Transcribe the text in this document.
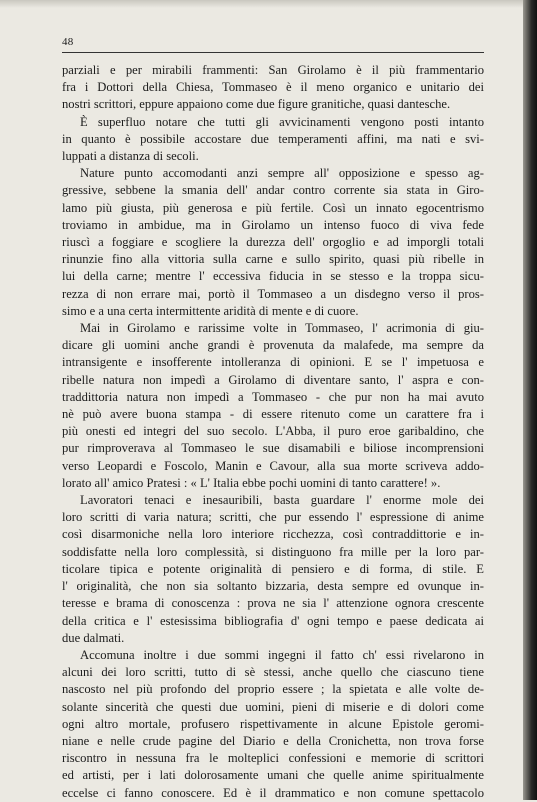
48
parziali e per mirabili frammenti: San Girolamo è il più frammentario
fra i Dottori della Chiesa, Tommaseo è il meno organico e unitario dei
nostri scrittori, eppure appaiono come due figure granitiche, quasi dantesche.
È superfluo notare che tutti gli avvicinamenti vengono posti intanto
in quanto è possibile accostare due temperamenti affini, ma nati e svi-
luppati a distanza di secoli.
Nature punto accomodanti anzi sempre all' opposizione e spesso ag-
gressive, sebbene la smania dell' andar contro corrente sia stata in Giro-
lamo più giusta, più generosa e più fertile. Così un innato egocentrismo
troviamo in ambidue, ma in Girolamo un intenso fuoco di viva fede
riuscì a foggiare e scogliere la durezza dell' orgoglio e ad imporgli totali
rinunzie fino alla vittoria sulla carne e sullo spirito, quasi più ribelle in
lui della carne; mentre l' eccessiva fiducia in se stesso e la troppa sicu-
rezza di non errare mai, portò il Tommaseo a un disdegno verso il pros-
simo e a una certa intermittente aridità di mente e di cuore.
Mai in Girolamo e rarissime volte in Tommaseo, l' acrimonia di giu-
dicare gli uomini anche grandi è provenuta da malafede, ma sempre da
intransigente e insofferente intolleranza di opinioni. E se l' impetuosa e
ribelle natura non impedì a Girolamo di diventare santo, l' aspra e con-
traddittoria natura non impedì a Tommaseo - che pur non ha mai avuto
nè può avere buona stampa - di essere ritenuto come un carattere fra i
più onesti ed integri del suo secolo. L'Abba, il puro eroe garibaldino, che
pur rimproverava al Tommaseo le sue disamabili e biliose incomprensioni
verso Leopardi e Foscolo, Manin e Cavour, alla sua morte scriveva addo-
lorato all' amico Pratesi : « L' Italia ebbe pochi uomini di tanto carattere! ».
Lavoratori tenaci e inesauribili, basta guardare l' enorme mole dei
loro scritti di varia natura; scritti, che pur essendo l' espressione di anime
così disarmoniche nella loro interiore ricchezza, così contraddittorie e in-
soddisfatte nella loro complessità, si distinguono fra mille per la loro par-
ticolare tipica e potente originalità di pensiero e di forma, di stile. E
l' originalità, che non sia soltanto bizzaria, desta sempre ed ovunque in-
teresse e brama di conoscenza : prova ne sia l' attenzione ognora crescente
della critica e l' estesissima bibliografia d' ogni tempo e paese dedicata ai
due dalmati.
Accomuna inoltre i due sommi ingegni il fatto ch' essi rivelarono in
alcuni dei loro scritti, tutto di sè stessi, anche quello che ciascuno tiene
nascosto nel più profondo del proprio essere ; la spietata e alle volte de-
solante sincerità che questi due uomini, pieni di miserie e di dolori come
ogni altro mortale, profusero rispettivamente in alcune Epistole geromi-
niane e nelle crude pagine del Diario e della Cronichetta, non trova forse
riscontro in nessuna fra le molteplici confessioni e memorie di scrittori
ed artisti, per i lati dolorosamente umani che quelle anime spiritualmente
eccelse ci fanno conoscere. Ed è il drammatico e non comune spettacolo
